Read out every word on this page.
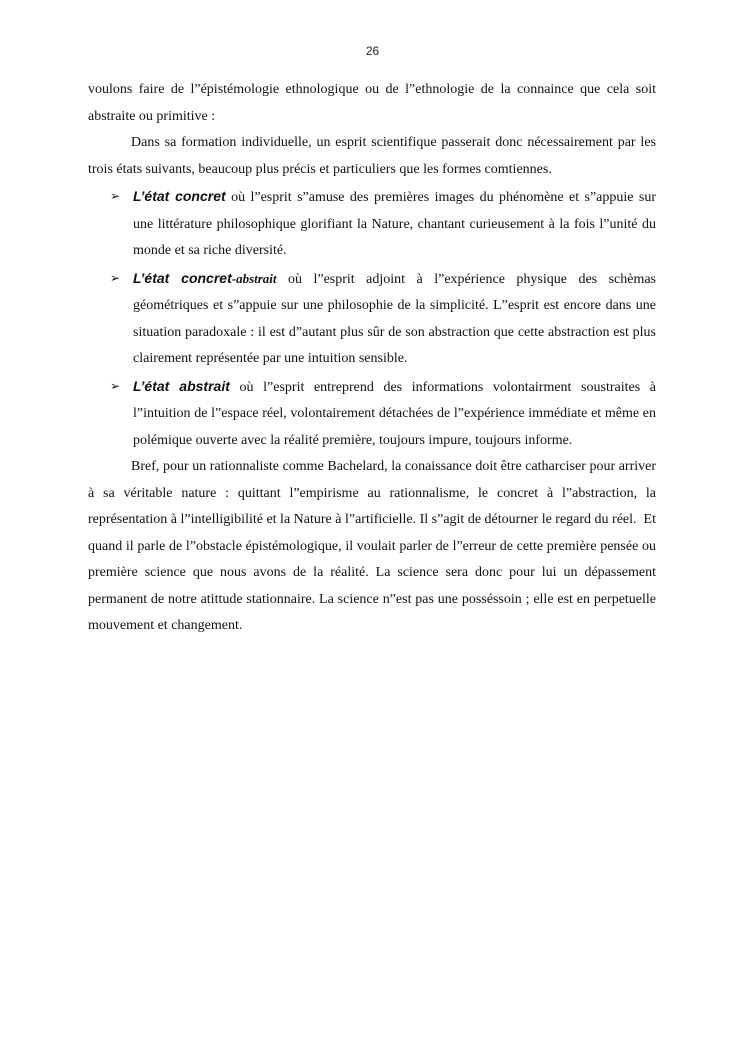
26

voulons faire de l”épistémologie ethnologique ou de l”ethnologie de la connaince que cela soit abstraite ou primitive :

Dans sa formation individuelle, un esprit scientifique passerait donc nécessairement par les trois états suivants, beaucoup plus précis et particuliers que les formes comtiennes.

➢ L’état concret où l”esprit s”amuse des premières images du phénomène et s”appuie sur une littérature philosophique glorifiant la Nature, chantant curieusement à la fois l”unité du monde et sa riche diversité.
➢ L’état concret-abstrait où l”esprit adjoint à l”expérience physique des schèmas géométriques et s”appuie sur une philosophie de la simplicité. L”esprit est encore dans une situation paradoxale : il est d”autant plus sûr de son abstraction que cette abstraction est plus clairement représentée par une intuition sensible.
➢ L’état abstrait où l”esprit entreprend des informations volontairment soustraites à l”intuition de l”espace réel, volontairement détachées de l”expérience immédiate et même en polémique ouverte avec la réalité première, toujours impure, toujours informe.

Bref, pour un rationnaliste comme Bachelard, la conaissance doit être catharciser pour arriver à sa véritable nature : quittant l”empirisme au rationnalisme, le concret à l”abstraction, la représentation à l”intelligibilité et la Nature à l”artificielle. Il s”agit de détourner le regard du réel.  Et quand il parle de l”obstacle épistémologique, il voulait parler de l”erreur de cette première pensée ou première science que nous avons de la réalité. La science sera donc pour lui un dépassement permanent de notre atittude stationnaire. La science n”est pas une posséssoin ; elle est en perpetuelle mouvement et changement.
